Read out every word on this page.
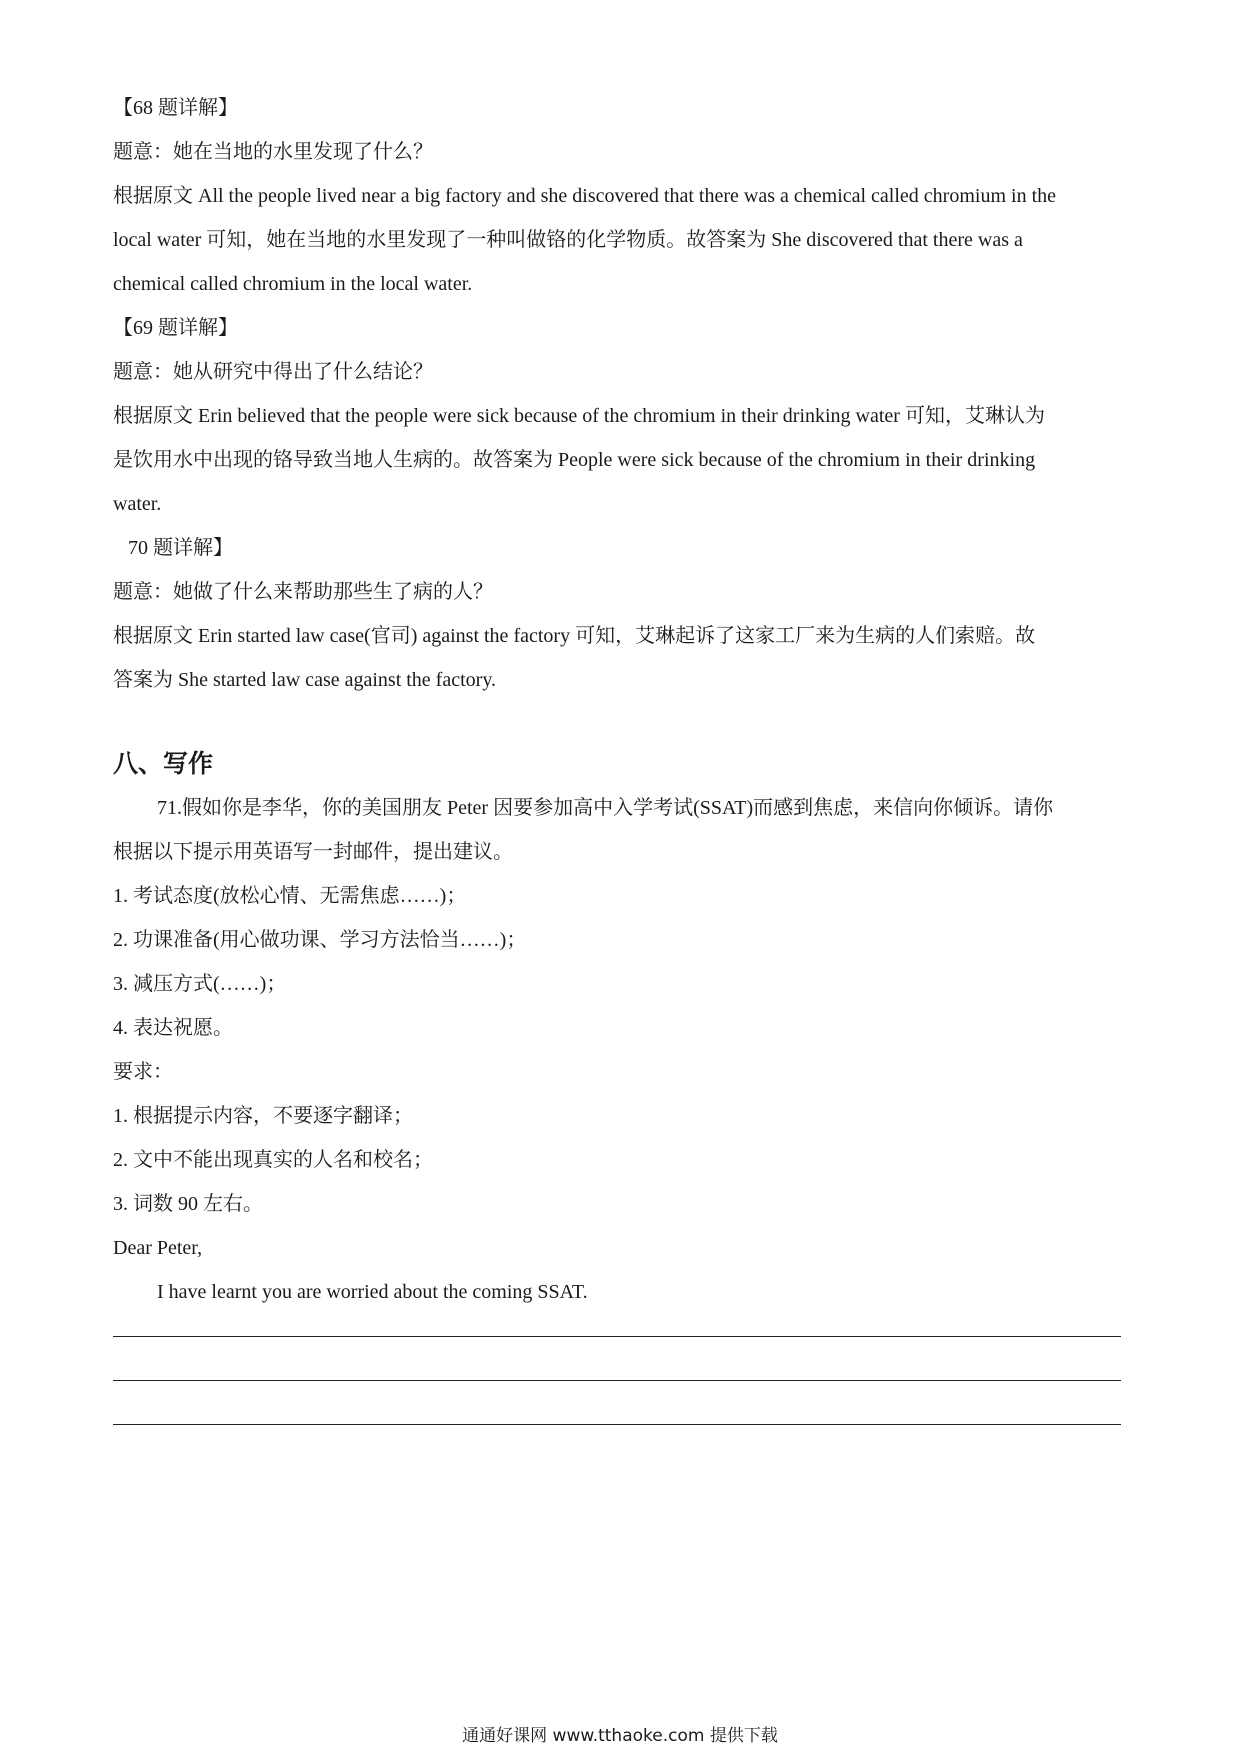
【68 题详解】
题意：她在当地的水里发现了什么？
根据原文 All the people lived near a big factory and she discovered that there was a chemical called chromium in the
local water 可知，她在当地的水里发现了一种叫做铬的化学物质。故答案为 She discovered that there was a
chemical called chromium in the local water.
【69 题详解】
题意：她从研究中得出了什么结论？
根据原文 Erin believed that the people were sick because of the chromium in their drinking water 可知，艾琳认为
是饮用水中出现的铬导致当地人生病的。故答案为 People were sick because of the chromium in their drinking
water.
70 题详解】
题意：她做了什么来帮助那些生了病的人？
根据原文 Erin started law case(官司) against the factory 可知，艾琳起诉了这家工厂来为生病的人们索赔。故
答案为 She started law case against the factory.
八、写作
71.假如你是李华，你的美国朋友 Peter 因要参加高中入学考试(SSAT)而感到焦虑，来信向你倾诉。请你
根据以下提示用英语写一封邮件，提出建议。
1. 考试态度(放松心情、无需焦虑……)；
2. 功课准备(用心做功课、学习方法恰当……)；
3. 减压方式(……)；
4. 表达祝愿。
要求：
1. 根据提示内容，不要逐字翻译；
2. 文中不能出现真实的人名和校名；
3. 词数 90 左右。
Dear Peter,
I have learnt you are worried about the coming SSAT.
通通好课网 www.tthaoke.com 提供下载
